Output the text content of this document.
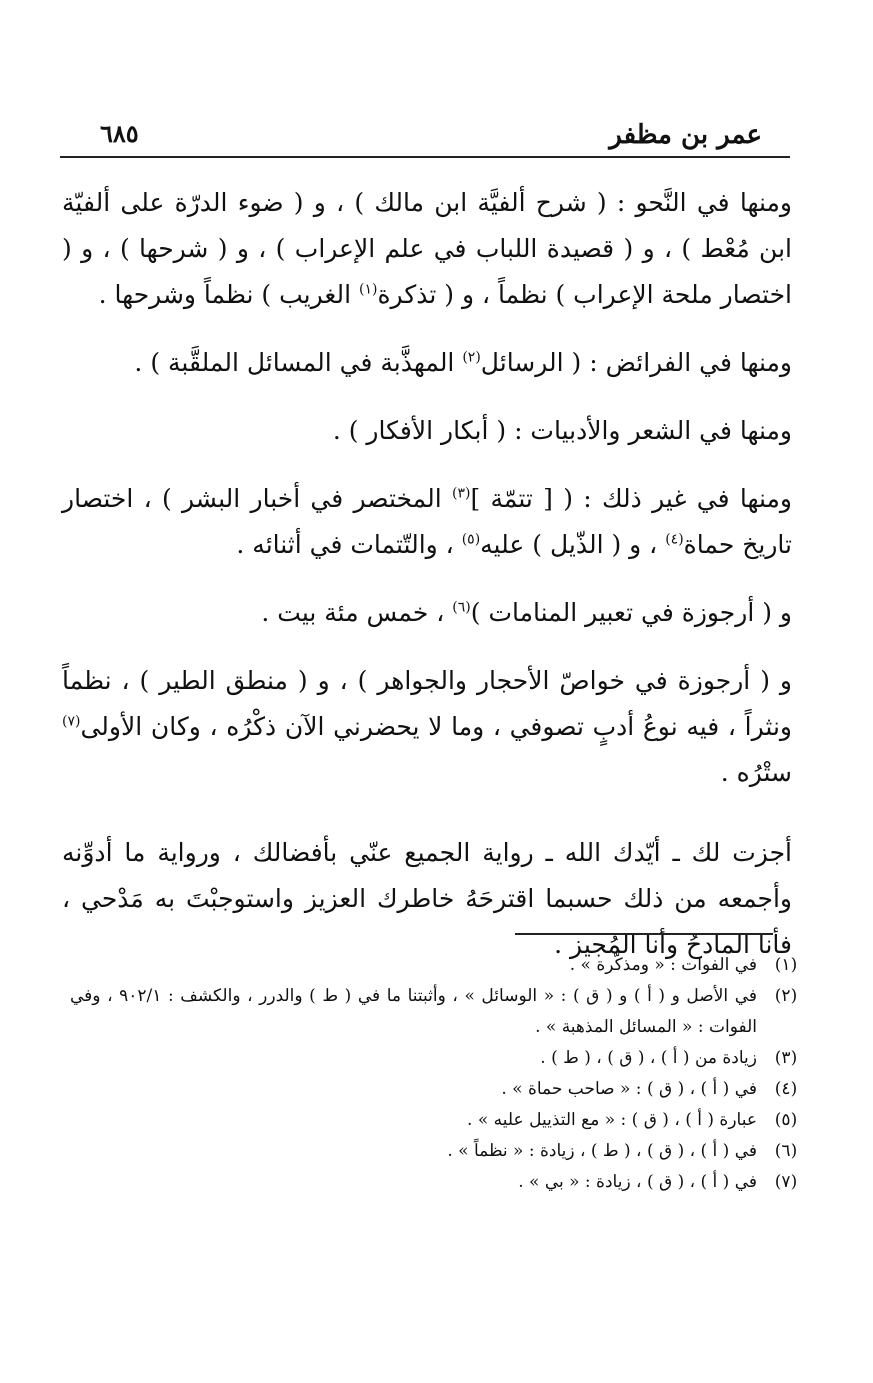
عمر بن مظفر
٦٨٥

ومنها في النَّحو : ( شرح ألفيَّة ابن مالك ) ، و ( ضوء الدرّة على ألفيّة ابن مُعْط ) ، و ( قصيدة اللباب في علم الإعراب ) ، و ( شرحها ) ، و ( اختصار ملحة الإعراب ) نظماً ، و ( تذكرة$^{(١)}$ الغريب ) نظماً وشرحها .

ومنها في الفرائض : ( الرسائل$^{(٢)}$ المهذَّبة في المسائل الملقَّبة ) .

ومنها في الشعر والأدبيات : ( أبكار الأفكار ) .

ومنها في غير ذلك : ( [ تتمّة ]$^{(٣)}$ المختصر في أخبار البشر ) ، اختصار تاريخ حماة$^{(٤)}$ ، و ( الذّيل ) عليه$^{(٥)}$ ، والتّتمات في أثنائه .

و ( أرجوزة في تعبير المنامات )$^{(٦)}$ ، خمس مئة بيت .

و ( أرجوزة في خواصّ الأحجار والجواهر ) ، و ( منطق الطير ) ، نظماً ونثراً ، فيه نوعُ أدبٍ تصوفي ، وما لا يحضرني الآن ذكْرُه ، وكان الأولى$^{(٧)}$ ستْرُه .

أجزت لك ـ أيّدك الله ـ رواية الجميع عنّي بأفضالك ، ورواية ما أدوِّنه وأجمعه من ذلك حسبما اقترحَهُ خاطرك العزيز واستوجبْتَ به مَدْحي ، فأنا المادحُ وأنا المُجيز .

(١)
في الفوات : « ومذكّرة » .
(٢)
في الأصل و ( أ ) و ( ق ) : « الوسائل » ، وأثبتنا ما في ( ط ) والدرر ، والكشف : ٩٠٢/١ ، وفي الفوات : « المسائل المذهبة » .
(٣)
زيادة من ( أ ) ، ( ق ) ، ( ط ) .
(٤)
في ( أ ) ، ( ق ) : « صاحب حماة » .
(٥)
عبارة ( أ ) ، ( ق ) : « مع التذييل عليه » .
(٦)
في ( أ ) ، ( ق ) ، ( ط ) ، زيادة : « نظماً » .
(٧)
في ( أ ) ، ( ق ) ، زيادة : « بي » .
